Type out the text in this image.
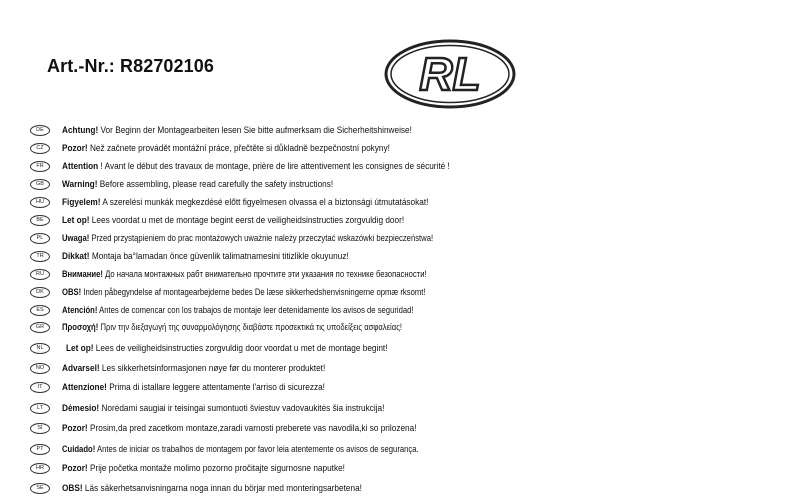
Art.-Nr.: R82702106	RL
DE	Achtung! Vor Beginn der Montagearbeiten lesen Sie bitte aufmerksam die Sicherheitshinweise!
CZ	Pozor! Než začnete provádět montážní práce, přečtěte si důkladně bezpečnostní pokyny!
FR	Attention ! Avant le début des travaux de montage, prière de lire attentivement les consignes de sécurité !
GB	Warning! Before assembling, please read carefully the safety instructions!
HU	Figyelem! A szerelési munkák megkezdésé előtt figyelmesen olvassa el a biztonsági útmutatásokat!
BE	Let op! Lees voordat u met de montage begint eerst de veiligheidsinstructies zorgvuldig door!
PL	Uwaga! Przed przystąpieniem do prac montażowych uważnie należy przeczytać wskazówki bezpieczeństwa!
TR	Dikkat! Montaja ba°lamadan önce güvenlik talimatnamesini titizlikle okuyunuz!
RU	Внимание! До начала монтажных рабт внимательно прочтите эти указания по технике безопасности!
DK	OBS! Inden påbegyndelse af montagearbejderne bedes De læse sikkerhedshenvisningerne opmæ rksomt!
ES	Atención! Antes de comencar con los trabajos de montaje leer detenidamente los avisos de seguridad!
GR	Προσοχή! Πριν την διεξαγωγή της συναρμολόγησης διαβάστε προσεκτικά τις υποδείξεις ασφαλείας!
NL	Let op! Lees de veiligheidsinstructies zorgvuldig door voordat u met de montage begint!
NO	Advarsel! Les sikkerhetsinformasjonen nøye før du monterer produktet!
IT	Attenzione! Prima di istallare leggere attentamente l'arriso di sicurezza!
LT	Dėmesio! Norėdami saugiai ir teisingai sumontuoti šviestuv vadovaukitės šia instrukcija!
SI	Pozor! Prosim,da pred zacetkom montaze,zaradi varnosti preberete vas navodila,ki so prilozena!
PT	Cuidado! Antes de iniciar os trabalhos de montagem por favor leia atentemente os avisos de segurança.
HR	Pozor! Prije početka montaže molimo pozorno pročitajte sigurnosne naputke!
SE	OBS! Läs säkerhetsanvisningarna noga innan du börjar med monteringsarbetena!
